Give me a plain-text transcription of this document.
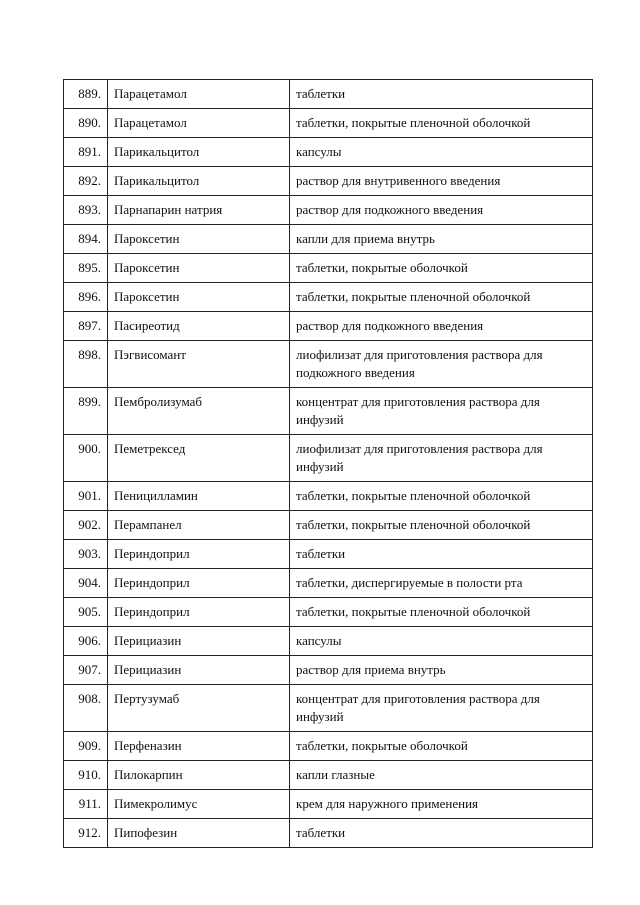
889.	Парацетамол	таблетки
890.	Парацетамол	таблетки, покрытые пленочной оболочкой
891.	Парикальцитол	капсулы
892.	Парикальцитол	раствор для внутривенного введения
893.	Парнапарин натрия	раствор для подкожного введения
894.	Пароксетин	капли для приема внутрь
895.	Пароксетин	таблетки, покрытые оболочкой
896.	Пароксетин	таблетки, покрытые пленочной оболочкой
897.	Пасиреотид	раствор для подкожного введения
898.	Пэгвисомант	лиофилизат для приготовления раствора для подкожного введения
899.	Пембролизумаб	концентрат для приготовления раствора для инфузий
900.	Пеметрексед	лиофилизат для приготовления раствора для инфузий
901.	Пеницилламин	таблетки, покрытые пленочной оболочкой
902.	Перампанел	таблетки, покрытые пленочной оболочкой
903.	Периндоприл	таблетки
904.	Периндоприл	таблетки, диспергируемые в полости рта
905.	Периндоприл	таблетки, покрытые пленочной оболочкой
906.	Перициазин	капсулы
907.	Перициазин	раствор для приема внутрь
908.	Пертузумаб	концентрат для приготовления раствора для инфузий
909.	Перфеназин	таблетки, покрытые оболочкой
910.	Пилокарпин	капли глазные
911.	Пимекролимус	крем для наружного применения
912.	Пипофезин	таблетки
